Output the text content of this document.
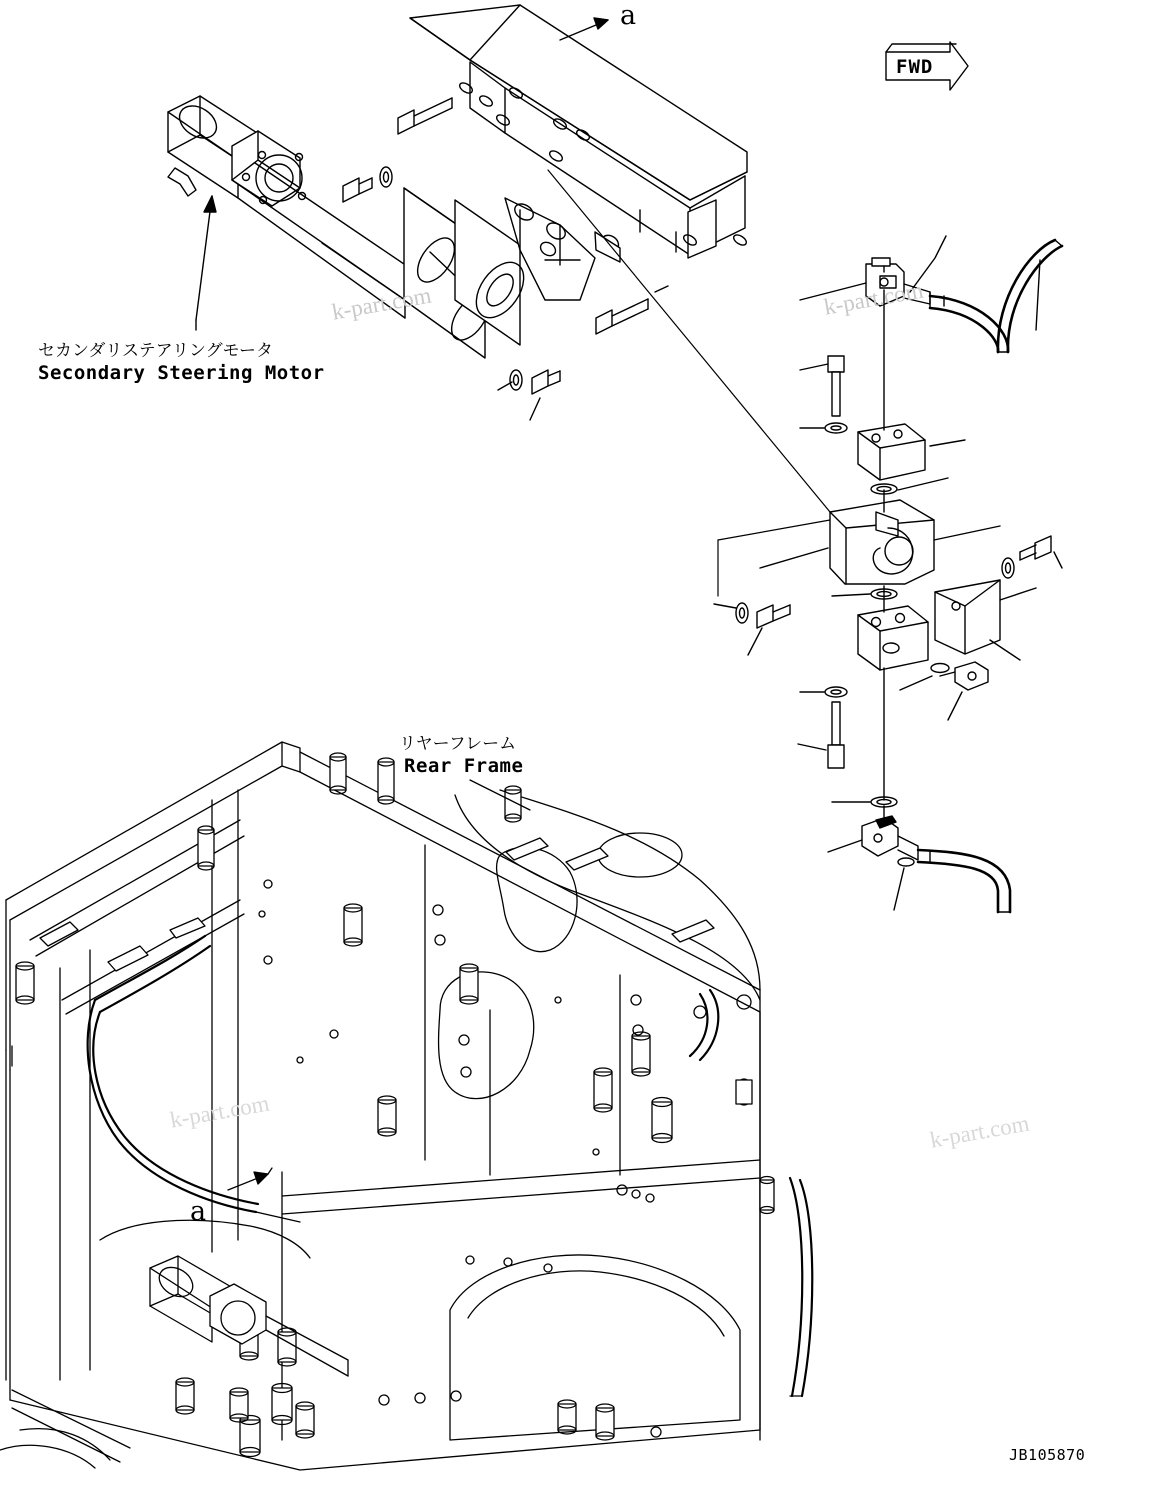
セカンダリステアリングモータ
Secondary Steering Motor
リヤーフレーム
Rear Frame
a
a
FWD
JB105870
k-part.com	k-part.com
k-part.com	k-part.com
